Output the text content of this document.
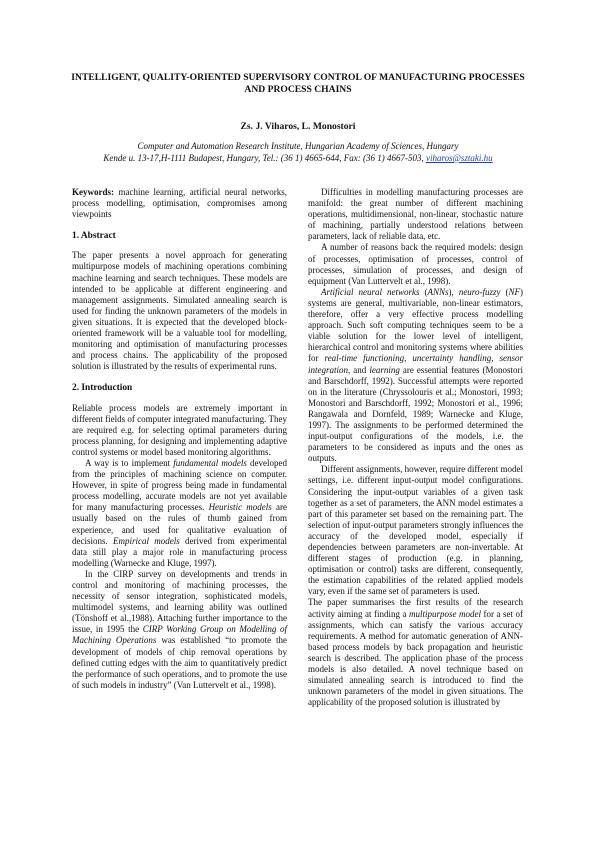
INTELLIGENT, QUALITY-ORIENTED SUPERVISORY CONTROL OF MANUFACTURING PROCESSES AND PROCESS CHAINS
Zs. J. Viharos, L. Monostori
Computer and Automation Research Institute, Hungarian Academy of Sciences, Hungary
Kende u. 13-17,H-1111 Budapest, Hungary, Tel.: (36 1) 4665-644, Fax: (36 1) 4667-503, viharos@sztaki.hu

Keywords: machine learning, artificial neural networks, process modelling, optimisation, compromises among viewpoints

1. Abstract

The paper presents a novel approach for generating multipurpose models of machining operations combining machine learning and search techniques. These models are intended to be applicable at different engineering and management assignments. Simulated annealing search is used for finding the unknown parameters of the models in given situations. It is expected that the developed block-oriented framework will be a valuable tool for modelling, monitoring and optimisation of manufacturing processes and process chains. The applicability of the proposed solution is illustrated by the results of experimental runs.

2. Introduction

Reliable process models are extremely important in different fields of computer integrated manufacturing. They are required e.g. for selecting optimal parameters during process planning, for designing and implementing adaptive control systems or model based monitoring algorithms.

A way is to implement fundamental models developed from the principles of machining science on computer. However, in spite of progress being made in fundamental process modelling, accurate models are not yet available for many manufacturing processes. Heuristic models are usually based on the rules of thumb gained from experience, and used for qualitative evaluation of decisions. Empirical models derived from experimental data still play a major role in manufacturing process modelling (Warnecke and Kluge, 1997).

In the CIRP survey on developments and trends in control and monitoring of machining processes, the necessity of sensor integration, sophisticated models, multimodel systems, and learning ability was outlined (Tönshoff et al.,1988). Attaching further importance to the issue, in 1995 the CIRP Working Group on Modelling of Machining Operations was established “to promote the development of models of chip removal operations by defined cutting edges with the aim to quantitatively predict the performance of such operations, and to promote the use of such models in industry” (Van Luttervelt et al., 1998).

Difficulties in modelling manufacturing processes are manifold: the great number of different machining operations, multidimensional, non-linear, stochastic nature of machining, partially understood relations between parameters, lack of reliable data, etc.

A number of reasons back the required models: design of processes, optimisation of processes, control of processes, simulation of processes, and design of equipment (Van Luttervelt et al., 1998).

Artificial neural networks (ANNs), neuro-fuzzy (NF) systems are general, multivariable, non-linear estimators, therefore, offer a very effective process modelling approach. Such soft computing techniques seem to be a viable solution for the lower level of intelligent, hierarchical control and monitoring systems where abilities for real-time functioning, uncertainty handling, sensor integration, and learning are essential features (Monostori and Barschdorff, 1992). Successful attempts were reported on in the literature (Chryssolouris et al.; Monostori, 1993; Monostori and Barschdorff, 1992; Monostori et al., 1996; Rangawala and Dornfeld, 1989; Warnecke and Kluge, 1997). The assignments to be performed determined the input-output configurations of the models, i.e. the parameters to be considered as inputs and the ones as outputs.

Different assignments, however, require different model settings, i.e. different input-output model configurations. Considering the input-output variables of a given task together as a set of parameters, the ANN model estimates a part of this parameter set based on the remaining part. The selection of input-output parameters strongly influences the accuracy of the developed model, especially if dependencies between parameters are non-invertable. At different stages of production (e.g. in planning, optimisation or control) tasks are different, consequently, the estimation capabilities of the related applied models vary, even if the same set of parameters is used.

The paper summarises the first results of the research activity aiming at finding a multipurpose model for a set of assignments, which can satisfy the various accuracy requirements. A method for automatic generation of ANN-based process models by back propagation and heuristic search is described. The application phase of the process models is also detailed. A novel technique based on simulated annealing search is introduced to find the unknown parameters of the model in given situations. The applicability of the proposed solution is illustrated by
